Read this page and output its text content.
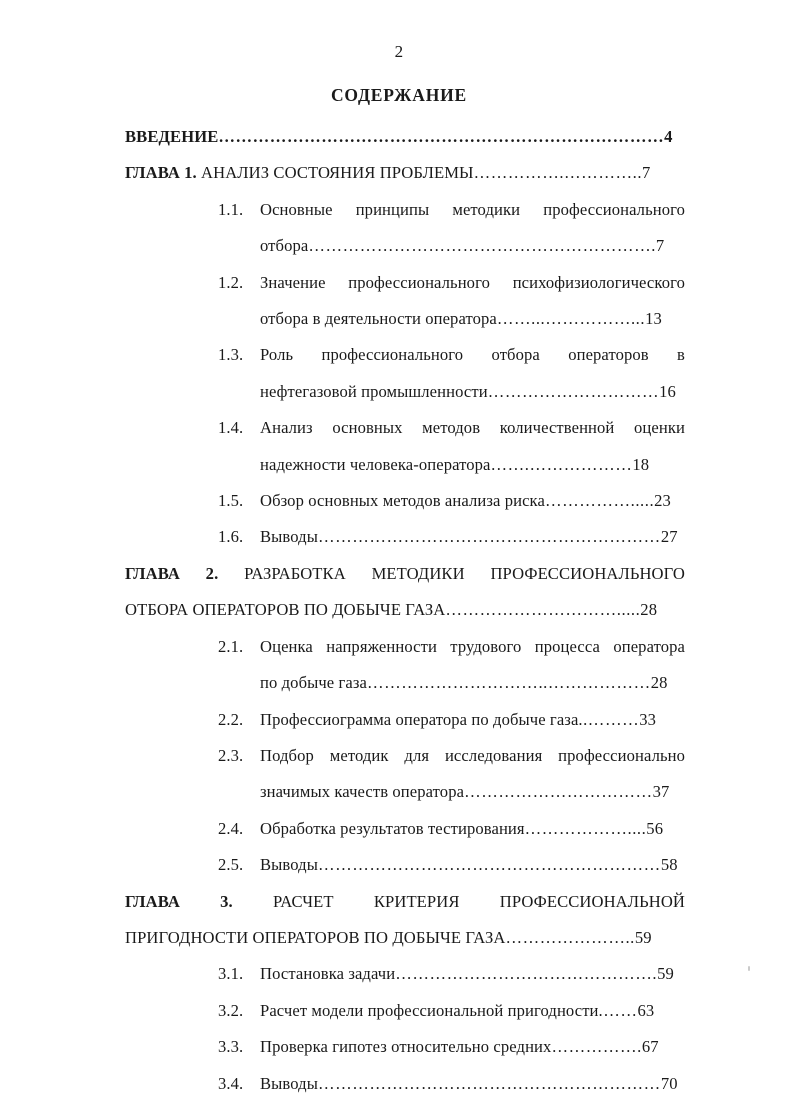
2
СОДЕРЖАНИЕ
ВВЕДЕНИЕ……………………………………………………………………4
ГЛАВА 1. АНАЛИЗ СОСТОЯНИЯ ПРОБЛЕМЫ…………….…………..7
1.1.	Основные принципы методики профессионального
отбора…………………………………………………….7
1.2.	Значение профессионального психофизиологического
отбора в деятельности оператора……...……………...13
1.3.	Роль профессионального отбора операторов в
нефтегазовой промышленности…………………………16
1.4.	Анализ основных методов количественной оценки
надежности человека-оператора…….………………18
1.5.	Обзор основных методов анализа риска…………….....23
1.6.	Выводы……………………………………………………27
ГЛАВА 2. РАЗРАБОТКА МЕТОДИКИ ПРОФЕССИОНАЛЬНОГО
ОТБОРА ОПЕРАТОРОВ ПО ДОБЫЧЕ ГАЗА………………………….....28
2.1.	Оценка напряженности трудового процесса оператора
по добыче газа…………………………..………………28
2.2.	Профессиограмма оператора по добыче газа..………33
2.3.	Подбор методик для исследования профессионально
значимых качеств оператора……………………………37
2.4.	Обработка результатов тестирования………………....56
2.5.	Выводы……………………………………………………58
ГЛАВА 3. РАСЧЕТ КРИТЕРИЯ ПРОФЕССИОНАЛЬНОЙ
ПРИГОДНОСТИ ОПЕРАТОРОВ ПО ДОБЫЧЕ ГАЗА…………………..59
3.1.	Постановка задачи……………………………………….59
3.2.	Расчет модели профессиональной пригодности.……63
3.3.	Проверка гипотез относительно средних…………….67
3.4.	Выводы……………………………………………………70
